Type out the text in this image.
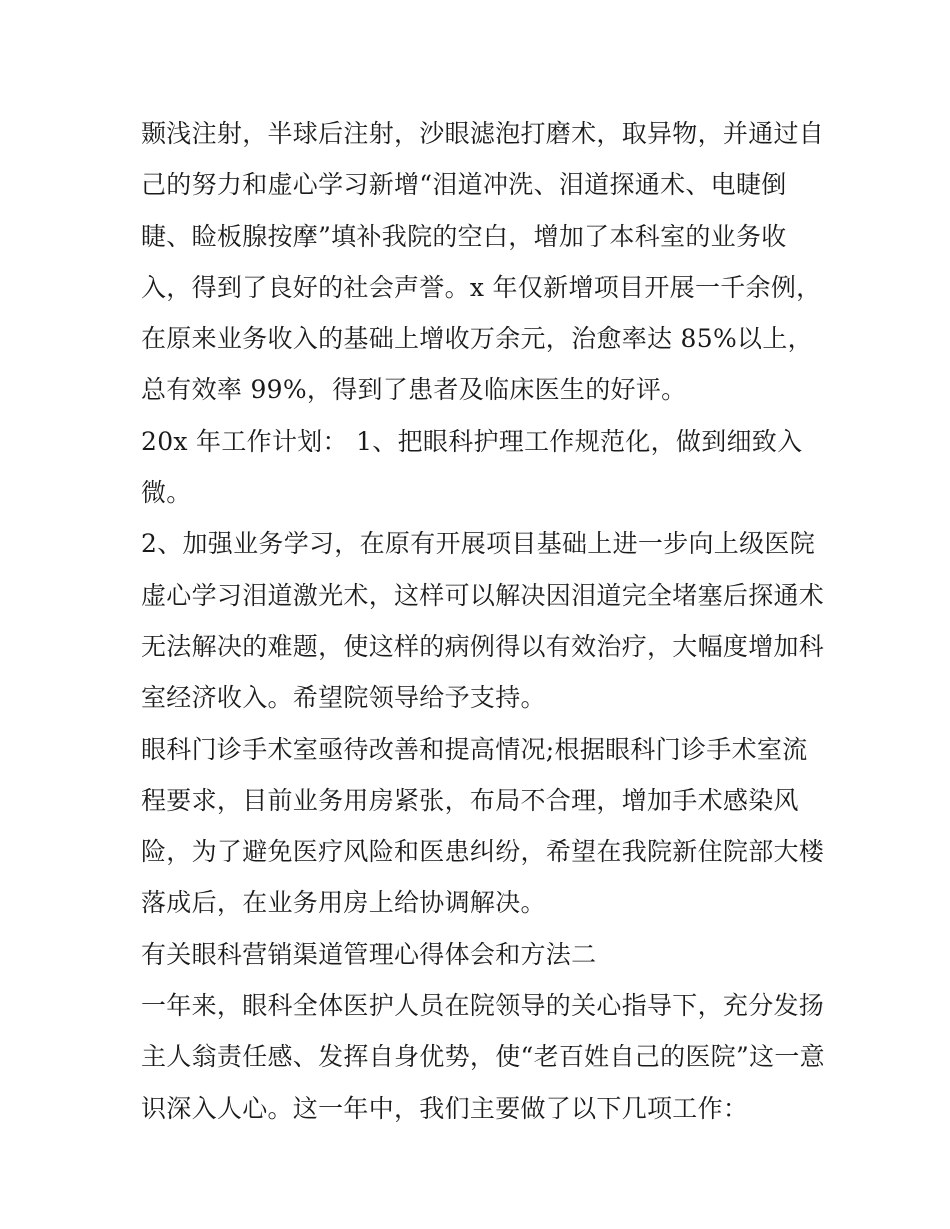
颞浅注射，半球后注射，沙眼滤泡打磨术，取异物，并通过自
己的努力和虚心学习新增“泪道冲洗、泪道探通术、电睫倒
睫、睑板腺按摩”填补我院的空白，增加了本科室的业务收
入，得到了良好的社会声誉。x 年仅新增项目开展一千余例，
在原来业务收入的基础上增收万余元，治愈率达 85%以上，
总有效率 99%，得到了患者及临床医生的好评。
20x 年工作计划： 1、把眼科护理工作规范化，做到细致入
微。
2、加强业务学习，在原有开展项目基础上进一步向上级医院
虚心学习泪道激光术，这样可以解决因泪道完全堵塞后探通术
无法解决的难题，使这样的病例得以有效治疗，大幅度增加科
室经济收入。希望院领导给予支持。
眼科门诊手术室亟待改善和提高情况;根据眼科门诊手术室流
程要求，目前业务用房紧张，布局不合理，增加手术感染风
险，为了避免医疗风险和医患纠纷，希望在我院新住院部大楼
落成后，在业务用房上给协调解决。
有关眼科营销渠道管理心得体会和方法二
一年来，眼科全体医护人员在院领导的关心指导下，充分发扬
主人翁责任感、发挥自身优势，使“老百姓自己的医院”这一意
识深入人心。这一年中，我们主要做了以下几项工作：
